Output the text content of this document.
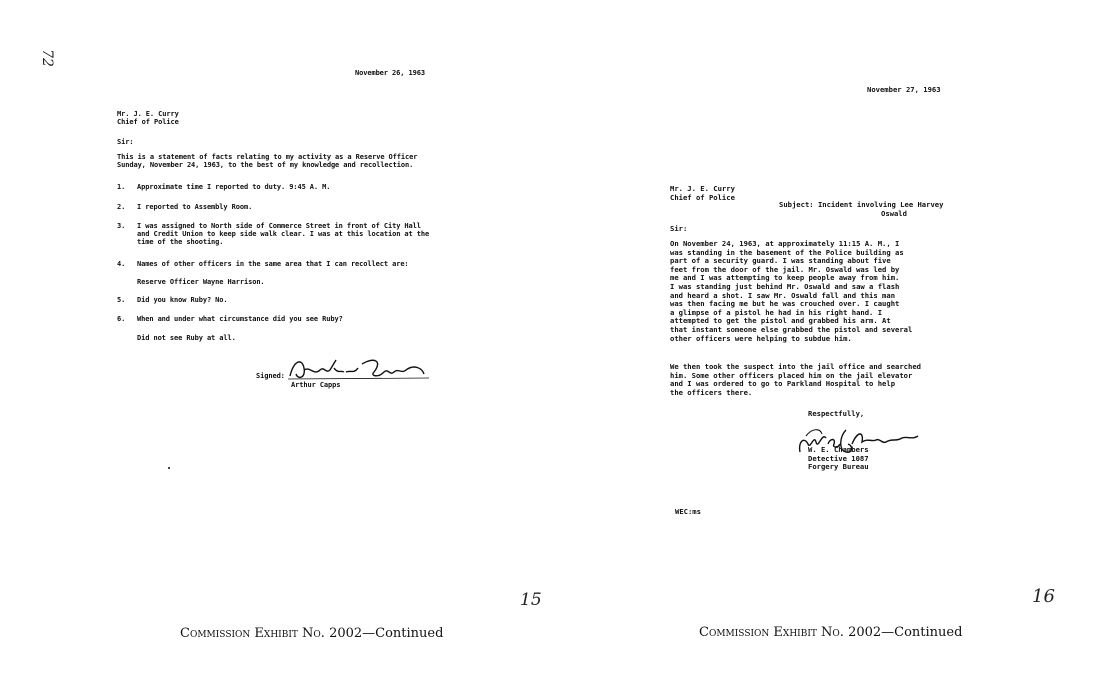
72
November 26, 1963
Mr. J. E. Curry
Chief of Police
Sir:
This is a statement of facts relating to my activity as a Reserve Officer
Sunday, November 24, 1963, to the best of my knowledge and recollection.
1. Approximate time I reported to duty. 9:45 A. M.
2. I reported to Assembly Room.
3. I was assigned to North side of Commerce Street in front of City Hall
and Credit Union to keep side walk clear. I was at this location at the
time of the shooting.
4. Names of other officers in the same area that I can recollect are:
Reserve Officer Wayne Harrison.
5. Did you know Ruby? No.
6. When and under what circumstance did you see Ruby?
Did not see Ruby at all.
Signed:
Arthur Capps
15
Commission Exhibit No. 2002—Continued
November 27, 1963
Mr. J. E. Curry
Chief of Police
Subject: Incident involving Lee Harvey
Oswald
Sir:
On November 24, 1963, at approximately 11:15 A. M., I
was standing in the basement of the Police building as
part of a security guard. I was standing about five
feet from the door of the jail. Mr. Oswald was led by
me and I was attempting to keep people away from him.
I was standing just behind Mr. Oswald and saw a flash
and heard a shot. I saw Mr. Oswald fall and this man
was then facing me but he was crouched over. I caught
a glimpse of a pistol he had in his right hand. I
attempted to get the pistol and grabbed his arm. At
that instant someone else grabbed the pistol and several
other officers were helping to subdue him.
We then took the suspect into the jail office and searched
him. Some other officers placed him on the jail elevator
and I was ordered to go to Parkland Hospital to help
the officers there.
Respectfully,
W. E. Chambers
Detective 1087
Forgery Bureau
WEC:ms
16
Commission Exhibit No. 2002—Continued
